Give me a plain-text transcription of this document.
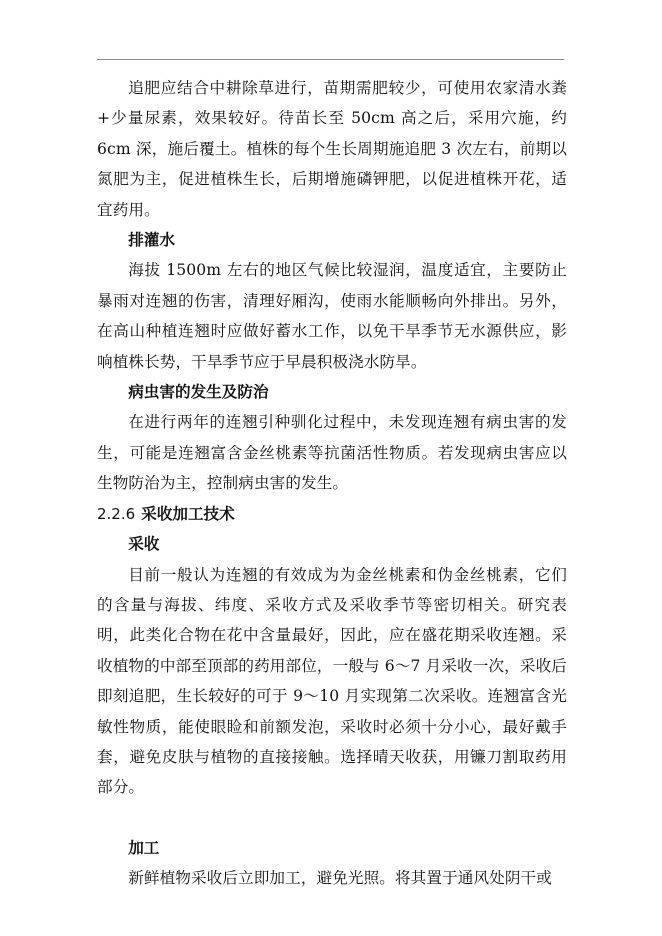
追肥应结合中耕除草进行，苗期需肥较少，可使用农家清水粪+少量尿素，效果较好。待苗长至 50cm 高之后，采用穴施，约 6cm 深，施后覆土。植株的每个生长周期施追肥 3 次左右，前期以氮肥为主，促进植株生长，后期增施磷钾肥，以促进植株开花，适宜药用。

排灌水

海拔 1500m 左右的地区气候比较湿润，温度适宜，主要防止暴雨对连翘的伤害，清理好厢沟，使雨水能顺畅向外排出。另外，在高山种植连翘时应做好蓄水工作，以免干旱季节无水源供应，影响植株长势，干旱季节应于早晨积极浇水防旱。

病虫害的发生及防治

在进行两年的连翘引种驯化过程中，未发现连翘有病虫害的发生，可能是连翘富含金丝桃素等抗菌活性物质。若发现病虫害应以生物防治为主，控制病虫害的发生。

2.2.6 采收加工技术

采收

目前一般认为连翘的有效成为为金丝桃素和伪金丝桃素，它们的含量与海拔、纬度、采收方式及采收季节等密切相关。研究表明，此类化合物在花中含量最好，因此，应在盛花期采收连翘。采收植物的中部至顶部的药用部位，一般与 6～7 月采收一次，采收后即刻追肥，生长较好的可于 9～10 月实现第二次采收。连翘富含光敏性物质，能使眼睑和前额发泡，采收时必须十分小心，最好戴手套，避免皮肤与植物的直接接触。选择晴天收获，用镰刀割取药用部分。

加工

新鲜植物采收后立即加工，避免光照。将其置于通风处阴干或
